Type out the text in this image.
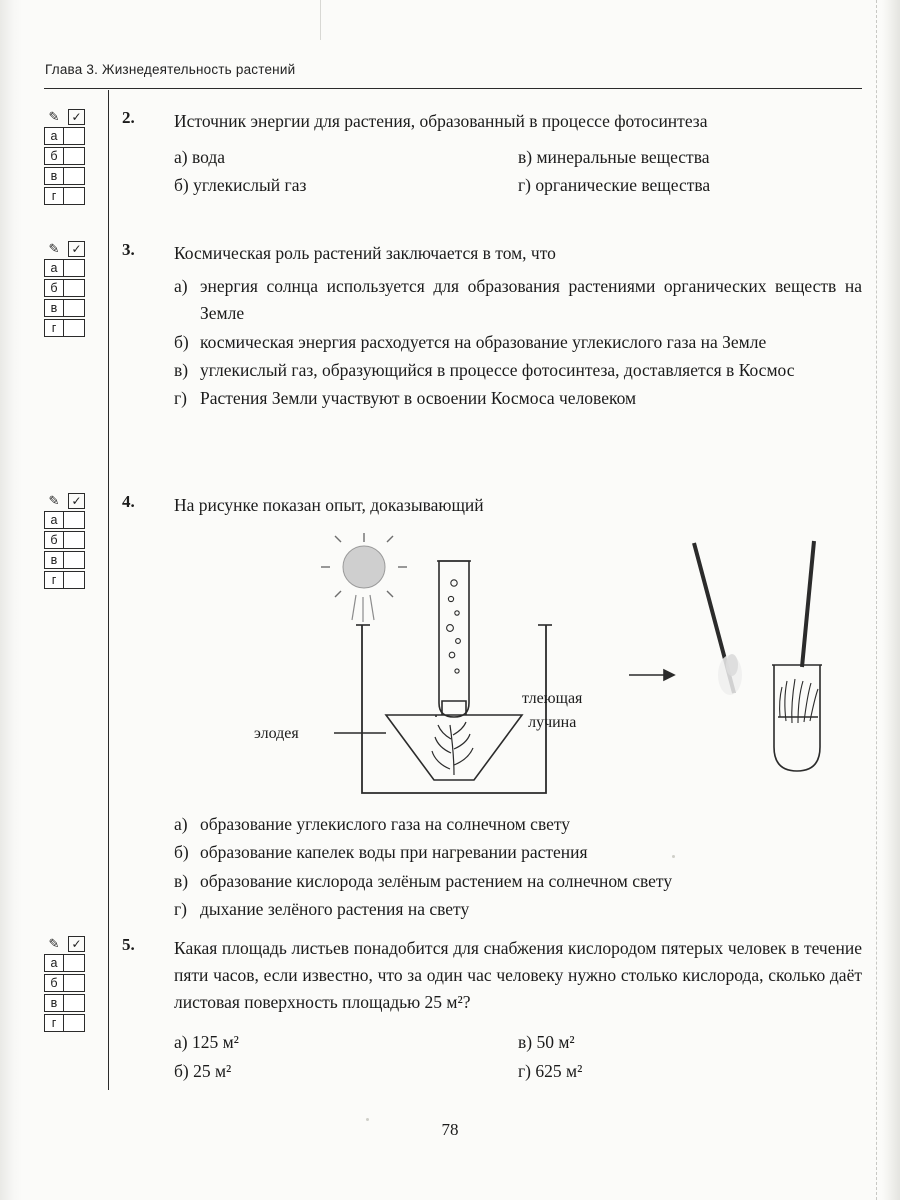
Глава 3. Жизнедеятельность растений
✎	✓
а
б
в
г
2. Источник энергии для растения, образованный в процессе фотосинтеза
а) вода
б) углекислый газ
в) минеральные вещества
г) органические вещества
✎	✓
а
б
в
г
3. Космическая роль растений заключается в том, что
а) энергия солнца используется для образования растениями органических веществ на Земле
б) космическая энергия расходуется на образование углекислого газа на Земле
в) углекислый газ, образующийся в процессе фотосинтеза, доставляется в Космос
г) Растения Земли участвуют в освоении Космоса человеком
✎	✓
а
б
в
г
4. На рисунке показан опыт, доказывающий
элодея
тлеющая
лучина
а) образование углекислого газа на солнечном свету
б) образование капелек воды при нагревании растения
в) образование кислорода зелёным растением на солнечном свету
г) дыхание зелёного растения на свету
✎	✓
а
б
в
г
5. Какая площадь листьев понадобится для снабжения кислородом пятерых человек в течение пяти часов, если известно, что за один час человеку нужно столько кислорода, сколько даёт листовая поверхность площадью 25 м²?
а) 125 м²
б) 25 м²
в) 50 м²
г) 625 м²
78
